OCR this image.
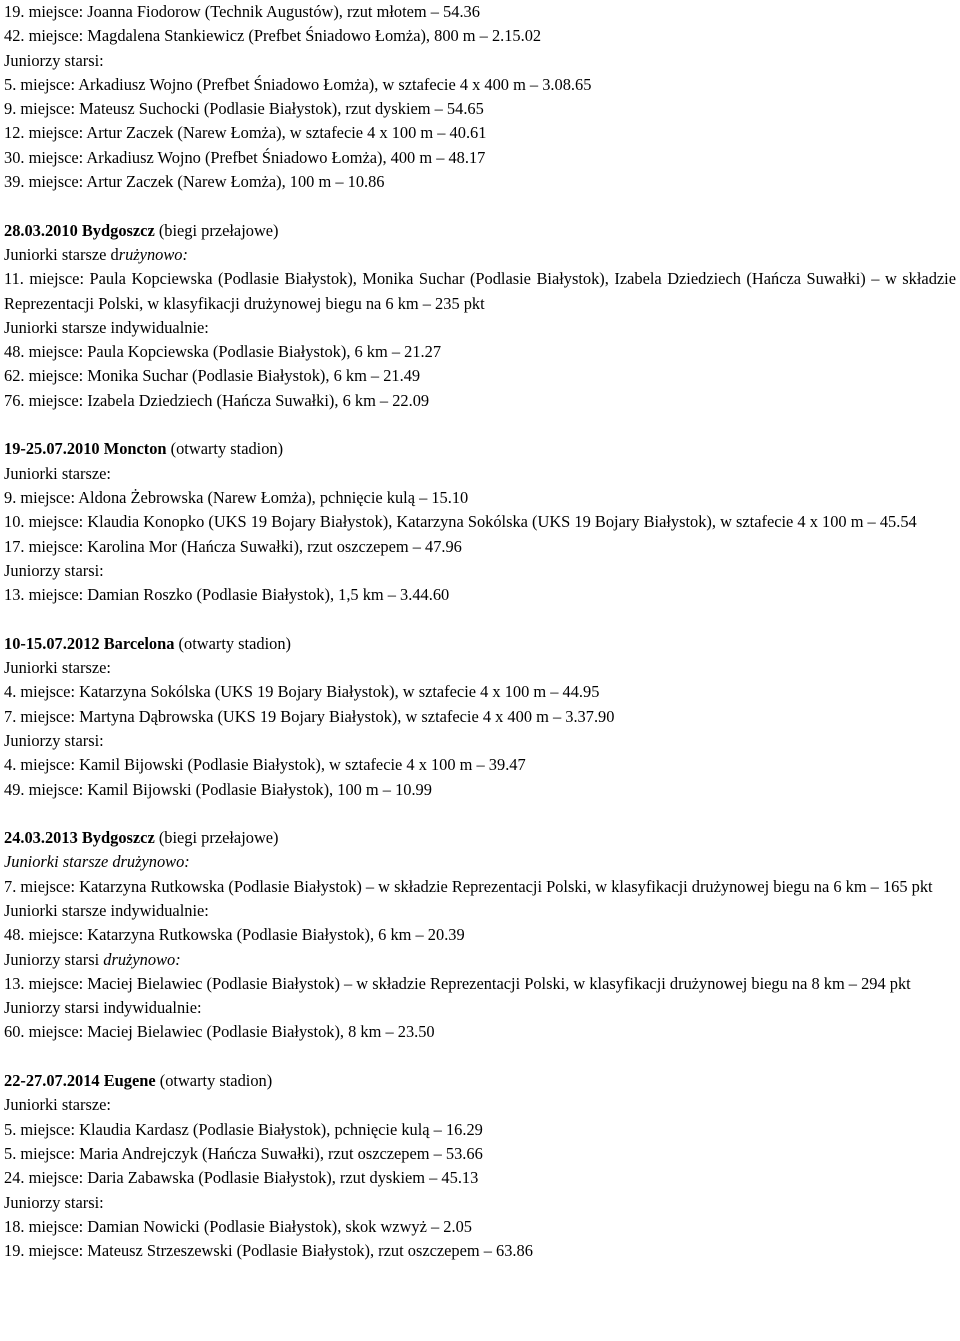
19. miejsce: Joanna Fiodorow (Technik Augustów), rzut młotem – 54.36
42. miejsce: Magdalena Stankiewicz (Prefbet Śniadowo Łomża), 800 m – 2.15.02
Juniorzy starsi:
5. miejsce: Arkadiusz Wojno (Prefbet Śniadowo Łomża), w sztafecie 4 x 400 m – 3.08.65
9. miejsce: Mateusz Suchocki (Podlasie Białystok), rzut dyskiem – 54.65
12. miejsce: Artur Zaczek (Narew Łomża), w sztafecie 4 x 100 m – 40.61
30. miejsce: Arkadiusz Wojno (Prefbet Śniadowo Łomża), 400 m – 48.17
39. miejsce: Artur Zaczek (Narew Łomża), 100 m – 10.86
28.03.2010 Bydgoszcz (biegi przełajowe)
Juniorki starsze drużynowo:
11. miejsce: Paula Kopciewska (Podlasie Białystok), Monika Suchar (Podlasie Białystok), Izabela Dziedziech (Hańcza Suwałki) – w składzie Reprezentacji Polski, w klasyfikacji drużynowej biegu na 6 km – 235 pkt
Juniorki starsze indywidualnie:
48. miejsce: Paula Kopciewska (Podlasie Białystok), 6 km – 21.27
62. miejsce: Monika Suchar (Podlasie Białystok), 6 km – 21.49
76. miejsce: Izabela Dziedziech (Hańcza Suwałki), 6 km – 22.09
19-25.07.2010 Moncton (otwarty stadion)
Juniorki starsze:
9. miejsce: Aldona Żebrowska (Narew Łomża), pchnięcie kulą – 15.10
10. miejsce: Klaudia Konopko (UKS 19 Bojary Białystok), Katarzyna Sokólska (UKS 19 Bojary Białystok), w sztafecie 4 x 100 m – 45.54
17. miejsce: Karolina Mor (Hańcza Suwałki), rzut oszczepem – 47.96
Juniorzy starsi:
13. miejsce: Damian Roszko (Podlasie Białystok), 1,5 km – 3.44.60
10-15.07.2012 Barcelona (otwarty stadion)
Juniorki starsze:
4. miejsce: Katarzyna Sokólska (UKS 19 Bojary Białystok), w sztafecie 4 x 100 m – 44.95
7. miejsce: Martyna Dąbrowska (UKS 19 Bojary Białystok), w sztafecie 4 x 400 m – 3.37.90
Juniorzy starsi:
4. miejsce: Kamil Bijowski (Podlasie Białystok), w sztafecie 4 x 100 m – 39.47
49. miejsce: Kamil Bijowski (Podlasie Białystok), 100 m – 10.99
24.03.2013 Bydgoszcz (biegi przełajowe)
Juniorki starsze drużynowo:
7. miejsce: Katarzyna Rutkowska (Podlasie Białystok) – w składzie Reprezentacji Polski, w klasyfikacji drużynowej biegu na 6 km – 165 pkt
Juniorki starsze indywidualnie:
48. miejsce: Katarzyna Rutkowska (Podlasie Białystok), 6 km – 20.39
Juniorzy starsi drużynowo:
13. miejsce: Maciej Bielawiec (Podlasie Białystok) – w składzie Reprezentacji Polski, w klasyfikacji drużynowej biegu na 8 km – 294 pkt
Juniorzy starsi indywidualnie:
60. miejsce: Maciej Bielawiec (Podlasie Białystok), 8 km – 23.50
22-27.07.2014 Eugene (otwarty stadion)
Juniorki starsze:
5. miejsce: Klaudia Kardasz (Podlasie Białystok), pchnięcie kulą – 16.29
5. miejsce: Maria Andrejczyk (Hańcza Suwałki), rzut oszczepem – 53.66
24. miejsce: Daria Zabawska (Podlasie Białystok), rzut dyskiem – 45.13
Juniorzy starsi:
18. miejsce: Damian Nowicki (Podlasie Białystok), skok wzwyż – 2.05
19. miejsce: Mateusz Strzeszewski (Podlasie Białystok), rzut oszczepem – 63.86
